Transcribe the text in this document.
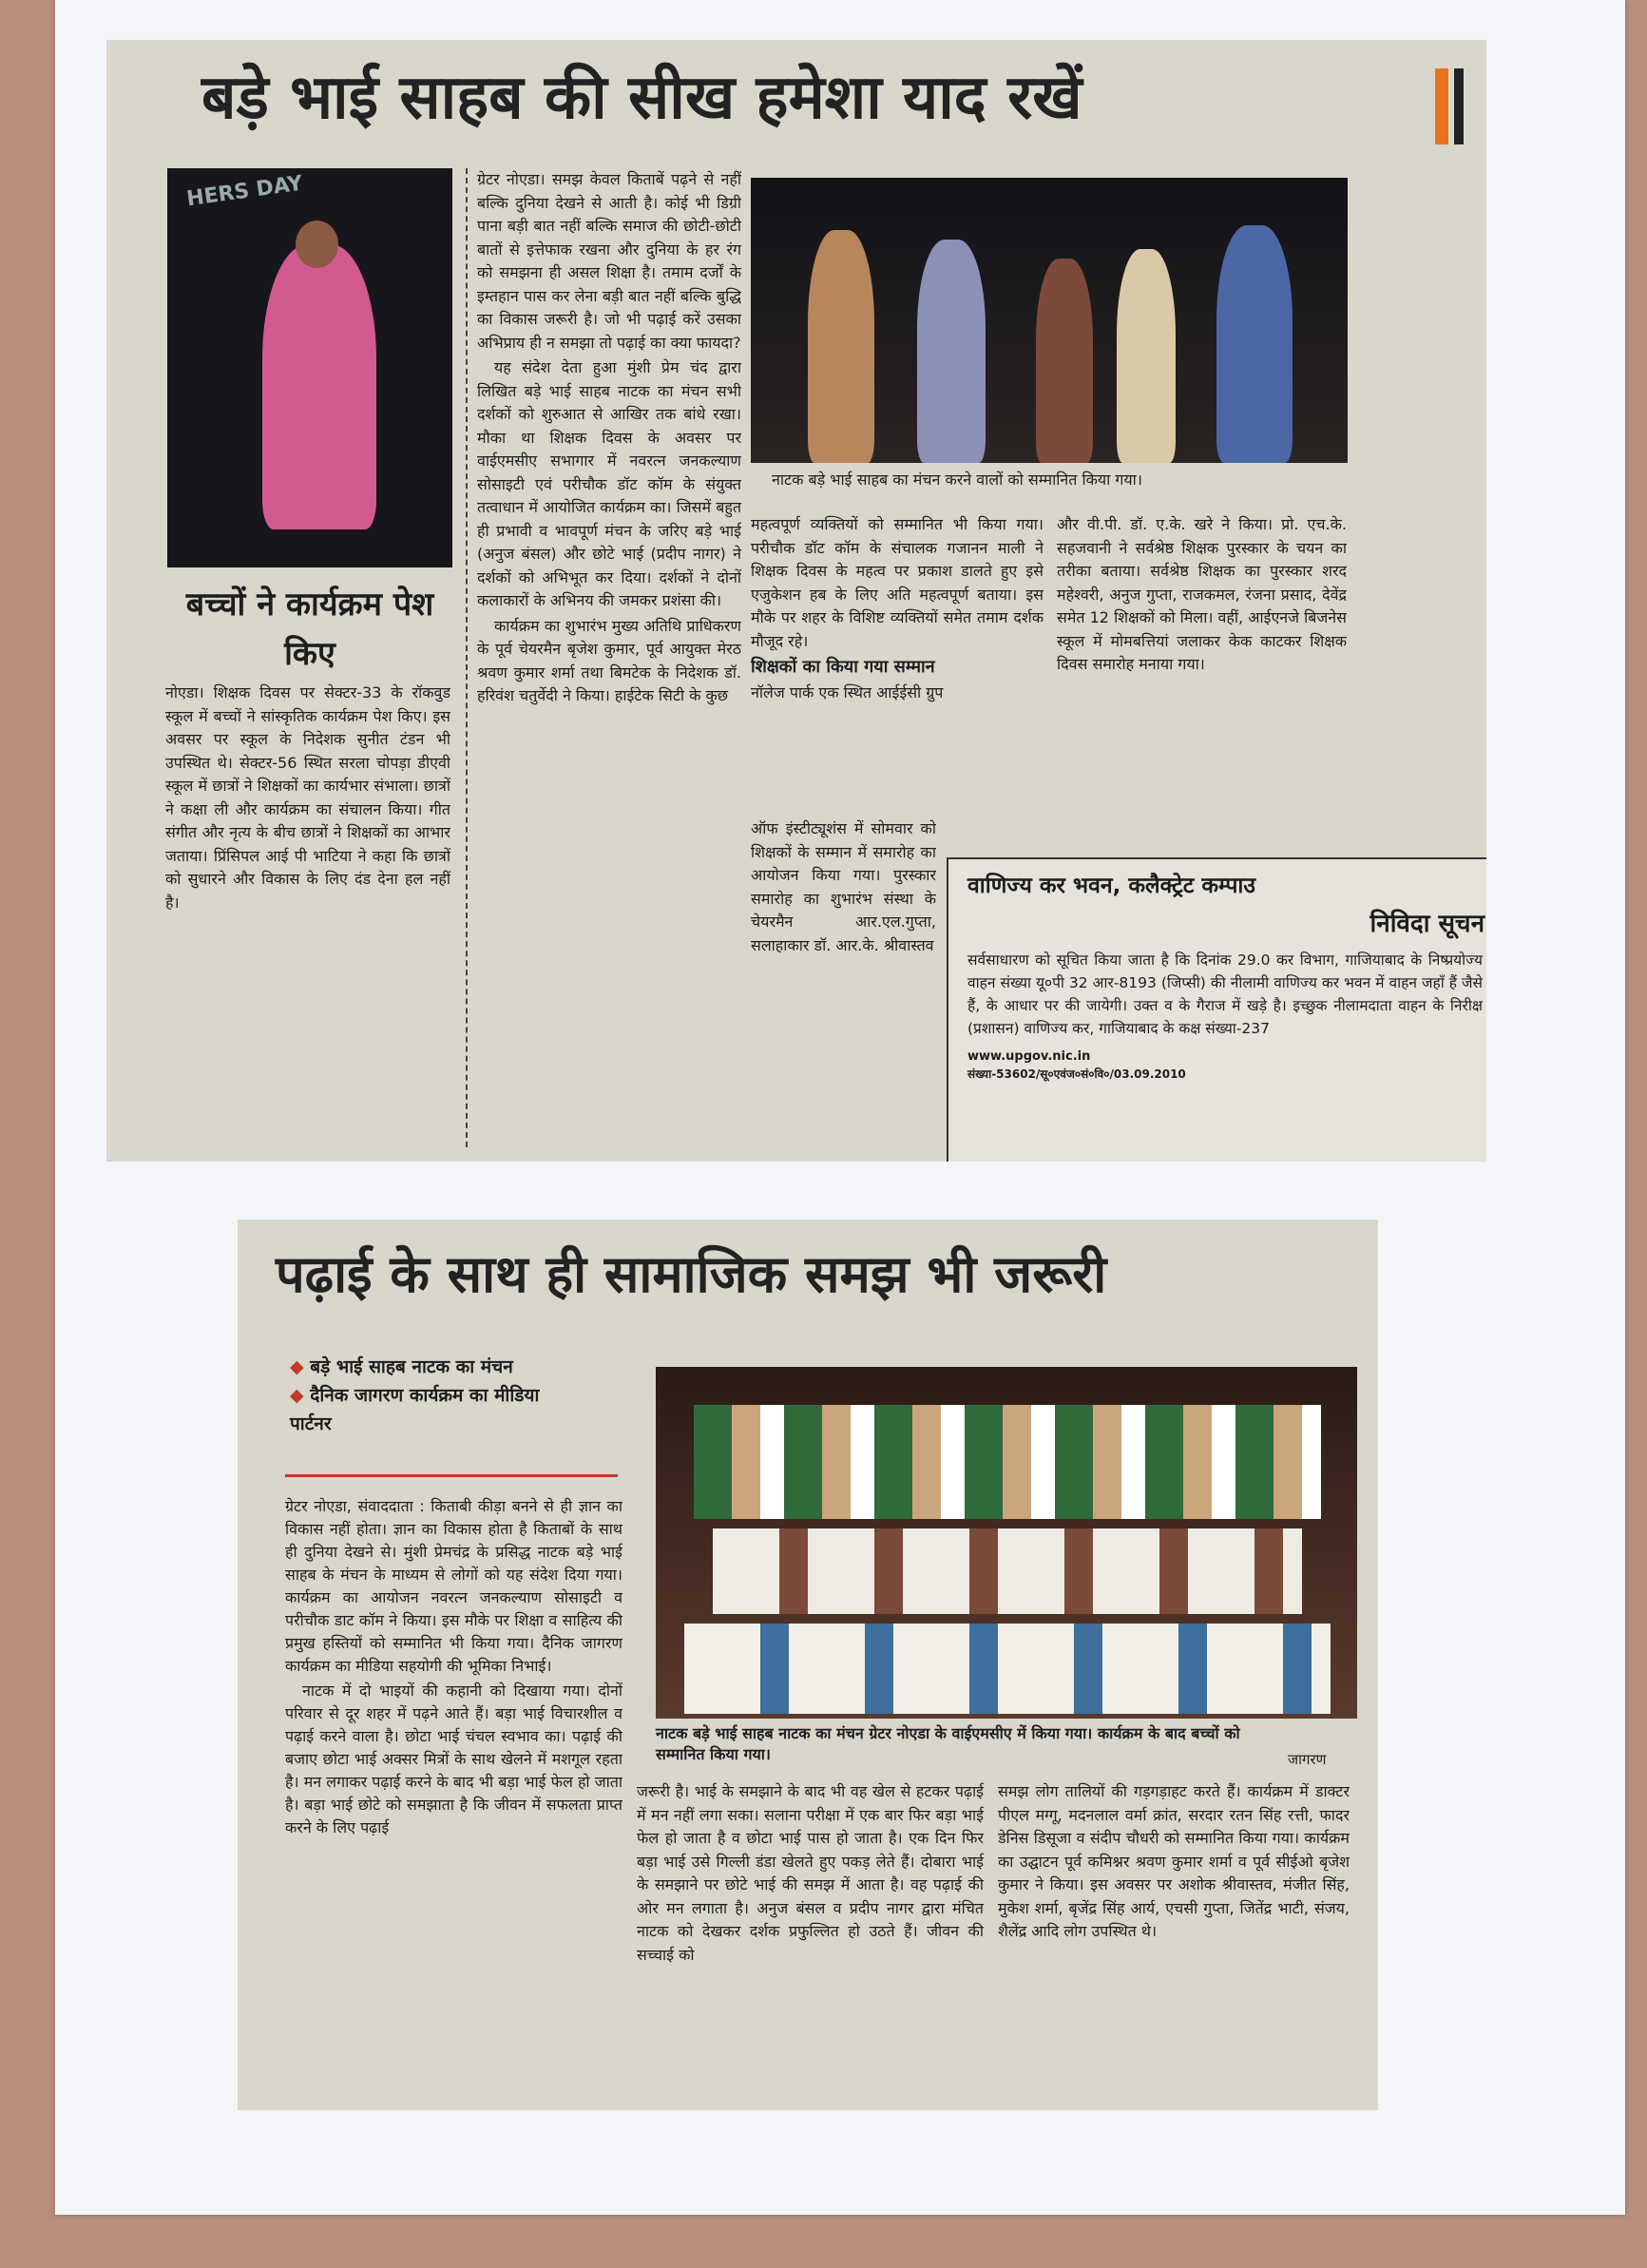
बड़े भाई साहब की सीख हमेशा याद रखें
HERS DAY
बच्चों ने कार्यक्रम पेश किए

नोएडा। शिक्षक दिवस पर सेक्टर-33 के रॉकवुड स्कूल में बच्चों ने सांस्कृतिक कार्यक्रम पेश किए। इस अवसर पर स्कूल के निदेशक सुनीत टंडन भी उपस्थित थे। सेक्टर-56 स्थित सरला चोपड़ा डीएवी स्कूल में छात्रों ने शिक्षकों का कार्यभार संभाला। छात्रों ने कक्षा ली और कार्यक्रम का संचालन किया। गीत संगीत और नृत्य के बीच छात्रों ने शिक्षकों का आभार जताया। प्रिंसिपल आई पी भाटिया ने कहा कि छात्रों को सुधारने और विकास के लिए दंड देना हल नहीं है।

ग्रेटर नोएडा। समझ केवल किताबें पढ़ने से नहीं बल्कि दुनिया देखने से आती है। कोई भी डिग्री पाना बड़ी बात नहीं बल्कि समाज की छोटी-छोटी बातों से इत्तेफाक रखना और दुनिया के हर रंग को समझना ही असल शिक्षा है। तमाम दर्जों के इम्तहान पास कर लेना बड़ी बात नहीं बल्कि बुद्धि का विकास जरूरी है। जो भी पढ़ाई करें उसका अभिप्राय ही न समझा तो पढ़ाई का क्या फायदा?

यह संदेश देता हुआ मुंशी प्रेम चंद द्वारा लिखित बड़े भाई साहब नाटक का मंचन सभी दर्शकों को शुरुआत से आखिर तक बांधे रखा। मौका था शिक्षक दिवस के अवसर पर वाईएमसीए सभागार में नवरत्न जनकल्याण सोसाइटी एवं परीचौक डॉट कॉम के संयुक्त तत्वाधान में आयोजित कार्यक्रम का। जिसमें बहुत ही प्रभावी व भावपूर्ण मंचन के जरिए बड़े भाई (अनुज बंसल) और छोटे भाई (प्रदीप नागर) ने दर्शकों को अभिभूत कर दिया। दर्शकों ने दोनों कलाकारों के अभिनय की जमकर प्रशंसा की।

कार्यक्रम का शुभारंभ मुख्य अतिथि प्राधिकरण के पूर्व चेयरमैन बृजेश कुमार, पूर्व आयुक्त मेरठ श्रवण कुमार शर्मा तथा बिमटेक के निदेशक डॉ. हरिवंश चतुर्वेदी ने किया। हाईटेक सिटी के कुछ

नाटक बड़े भाई साहब का मंचन करने वालों को सम्मानित किया गया।

महत्वपूर्ण व्यक्तियों को सम्मानित भी किया गया। परीचौक डॉट कॉम के संचालक गजानन माली ने शिक्षक दिवस के महत्व पर प्रकाश डालते हुए इसे एजुकेशन हब के लिए अति महत्वपूर्ण बताया। इस मौके पर शहर के विशिष्ट व्यक्तियों समेत तमाम दर्शक मौजूद रहे।

शिक्षकों का किया गया सम्मान

नॉलेज पार्क एक स्थित आईईसी ग्रुप

ऑफ इंस्टीट्यूशंस में सोमवार को शिक्षकों के सम्मान में समारोह का आयोजन किया गया। पुरस्कार समारोह का शुभारंभ संस्था के चेयरमैन आर.एल.गुप्ता, सलाहाकार डॉ. आर.के. श्रीवास्तव

और वी.पी. डॉ. ए.के. खरे ने किया। प्रो. एच.के. सहजवानी ने सर्वश्रेष्ठ शिक्षक पुरस्कार के चयन का तरीका बताया। सर्वश्रेष्ठ शिक्षक का पुरस्कार शरद महेश्वरी, अनुज गुप्ता, राजकमल, रंजना प्रसाद, देवेंद्र समेत 12 शिक्षकों को मिला। वहीं, आईएनजे बिजनेस स्कूल में मोमबत्तियां जलाकर केक काटकर शिक्षक दिवस समारोह मनाया गया।

वाणिज्य कर भवन, कलैक्ट्रेट कम्पाउ
निविदा सूचन
सर्वसाधारण को सूचित किया जाता है कि दिनांक 29.0 कर विभाग, गाजियाबाद के निष्प्रयोज्य वाहन संख्या यू०पी 32 आर-8193 (जिप्सी) की नीलामी वाणिज्य कर भवन में वाहन जहाँ हैं जैसे हैं, के आधार पर की जायेगी। उक्त व के गैराज में खड़े है। इच्छुक नीलामदाता वाहन के निरीक्ष (प्रशासन) वाणिज्य कर, गाजियाबाद के कक्ष संख्या-237
www.upgov.nic.in
संख्या-53602/सू०एवंज०सं०वि०/03.09.2010
पढ़ाई के साथ ही सामाजिक समझ भी जरूरी
◆ बड़े भाई साहब नाटक का मंचन
◆ दैनिक जागरण कार्यक्रम का मीडिया पार्टनर

ग्रेटर नोएडा, संवाददाता : किताबी कीड़ा बनने से ही ज्ञान का विकास नहीं होता। ज्ञान का विकास होता है किताबों के साथ ही दुनिया देखने से। मुंशी प्रेमचंद्र के प्रसिद्ध नाटक बड़े भाई साहब के मंचन के माध्यम से लोगों को यह संदेश दिया गया। कार्यक्रम का आयोजन नवरत्न जनकल्याण सोसाइटी व परीचौक डाट कॉम ने किया। इस मौके पर शिक्षा व साहित्य की प्रमुख हस्तियों को सम्मानित भी किया गया। दैनिक जागरण कार्यक्रम का मीडिया सहयोगी की भूमिका निभाई।

नाटक में दो भाइयों की कहानी को दिखाया गया। दोनों परिवार से दूर शहर में पढ़ने आते हैं। बड़ा भाई विचारशील व पढ़ाई करने वाला है। छोटा भाई चंचल स्वभाव का। पढ़ाई की बजाए छोटा भाई अक्सर मित्रों के साथ खेलने में मशगूल रहता है। मन लगाकर पढ़ाई करने के बाद भी बड़ा भाई फेल हो जाता है। बड़ा भाई छोटे को समझाता है कि जीवन में सफलता प्राप्त करने के लिए पढ़ाई

नाटक बड़े भाई साहब नाटक का मंचन ग्रेटर नोएडा के वाईएमसीए में किया गया। कार्यक्रम के बाद बच्चों को सम्मानित किया गया।	जागरण

जरूरी है। भाई के समझाने के बाद भी वह खेल से हटकर पढ़ाई में मन नहीं लगा सका। सलाना परीक्षा में एक बार फिर बड़ा भाई फेल हो जाता है व छोटा भाई पास हो जाता है। एक दिन फिर बड़ा भाई उसे गिल्ली डंडा खेलते हुए पकड़ लेते हैं। दोबारा भाई के समझाने पर छोटे भाई की समझ में आता है। वह पढ़ाई की ओर मन लगाता है। अनुज बंसल व प्रदीप नागर द्वारा मंचित नाटक को देखकर दर्शक प्रफुल्लित हो उठते हैं। जीवन की सच्चाई को

समझ लोग तालियों की गड़गड़ाहट करते हैं। कार्यक्रम में डाक्टर पीएल मग्गू, मदनलाल वर्मा क्रांत, सरदार रतन सिंह रत्ती, फादर डेनिस डिसूजा व संदीप चौधरी को सम्मानित किया गया। कार्यक्रम का उद्घाटन पूर्व कमिश्नर श्रवण कुमार शर्मा व पूर्व सीईओ बृजेश कुमार ने किया। इस अवसर पर अशोक श्रीवास्तव, मंजीत सिंह, मुकेश शर्मा, बृजेंद्र सिंह आर्य, एचसी गुप्ता, जितेंद्र भाटी, संजय, शैलेंद्र आदि लोग उपस्थित थे।
